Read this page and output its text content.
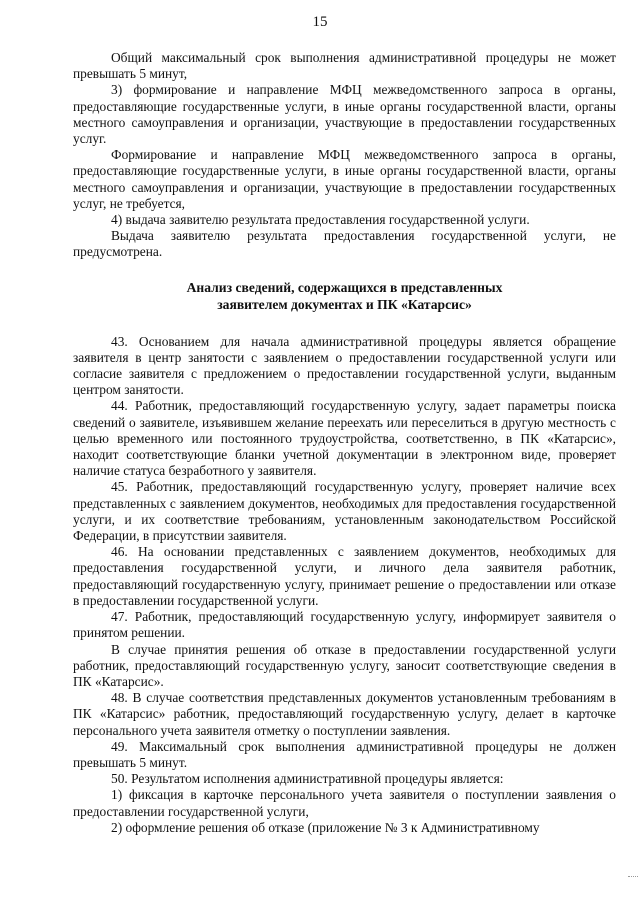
15

Общий максимальный срок выполнения административной процедуры не может превышать 5 минут,

3) формирование и направление МФЦ межведомственного запроса в органы, предоставляющие государственные услуги, в иные органы государственной власти, органы местного самоуправления и организации, участвующие в предоставлении государственных услуг.

Формирование и направление МФЦ межведомственного запроса в органы, предоставляющие государственные услуги, в иные органы государственной власти, органы местного самоуправления и организации, участвующие в предоставлении государственных услуг, не требуется,

4) выдача заявителю результата предоставления государственной услуги.

Выдача заявителю результата предоставления государственной услуги, не предусмотрена.

Анализ сведений, содержащихся в представленных
заявителем документах и ПК «Катарсис»

43. Основанием для начала административной процедуры является обращение заявителя в центр занятости с заявлением о предоставлении государственной услуги или согласие заявителя с предложением о предоставлении государственной услуги, выданным центром занятости.

44. Работник, предоставляющий государственную услугу, задает параметры поиска сведений о заявителе, изъявившем желание переехать или переселиться в другую местность с целью временного или постоянного трудоустройства, соответственно, в ПК «Катарсис», находит соответствующие бланки учетной документации в электронном виде, проверяет наличие статуса безработного у заявителя.

45. Работник, предоставляющий государственную услугу, проверяет наличие всех представленных с заявлением документов, необходимых для предоставления государственной услуги, и их соответствие требованиям, установленным законодательством Российской Федерации, в присутствии заявителя.

46. На основании представленных с заявлением документов, необходимых для предоставления государственной услуги, и личного дела заявителя работник, предоставляющий государственную услугу, принимает решение о предоставлении или отказе в предоставлении государственной услуги.

47. Работник, предоставляющий государственную услугу, информирует заявителя о принятом решении.

В случае принятия решения об отказе в предоставлении государственной услуги работник, предоставляющий государственную услугу, заносит соответствующие сведения в ПК «Катарсис».

48. В случае соответствия представленных документов установленным требованиям в ПК «Катарсис» работник, предоставляющий государственную услугу, делает в карточке персонального учета заявителя отметку о поступлении заявления.

49. Максимальный срок выполнения административной процедуры не должен превышать 5 минут.

50. Результатом исполнения административной процедуры является:

1) фиксация в карточке персонального учета заявителя о поступлении заявления о предоставлении государственной услуги,

2) оформление решения об отказе (приложение № 3 к Административному
